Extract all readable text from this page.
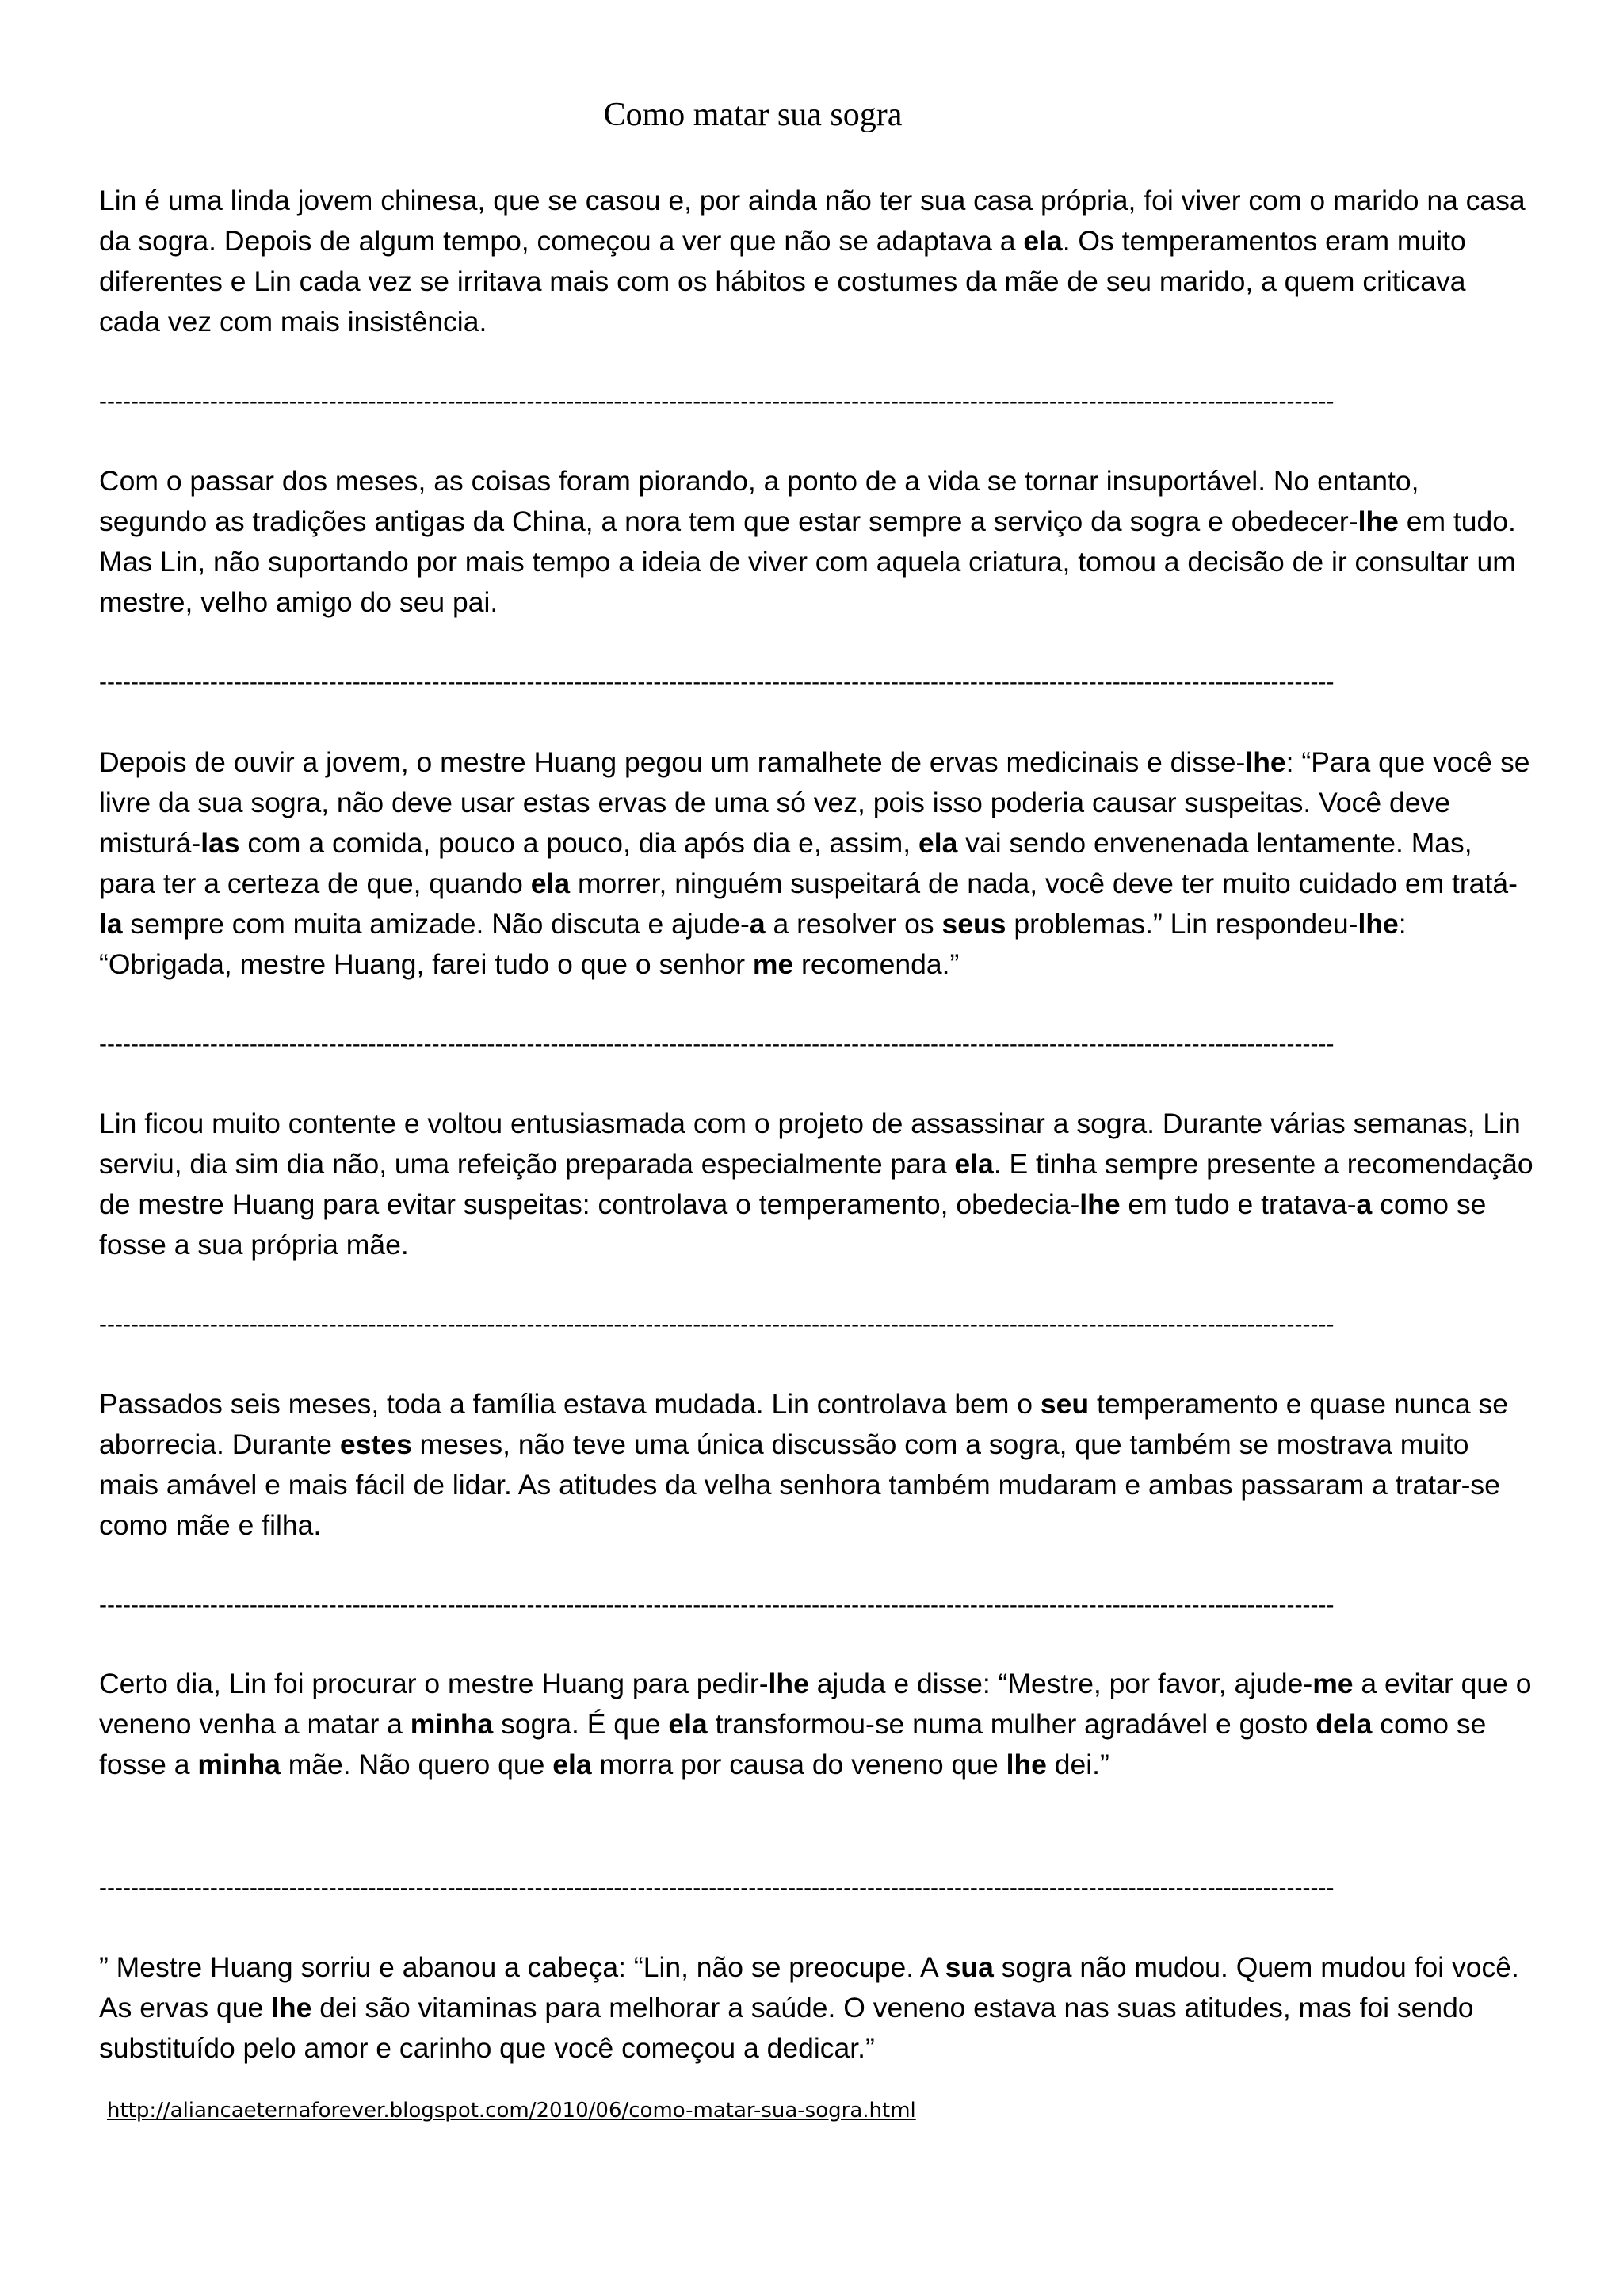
Como matar sua sogra

Lin é uma linda jovem chinesa, que se casou e, por ainda não ter sua casa própria, foi viver com o marido na casa da sogra. Depois de algum tempo, começou a ver que não se adaptava a ela. Os temperamentos eram muito diferentes e Lin cada vez se irritava mais com os hábitos e costumes da mãe de seu marido, a quem criticava cada vez com mais insistência.

------------------------------------------------------------------------------------------------------------------------------------------------------------

Com o passar dos meses, as coisas foram piorando, a ponto de a vida se tornar insuportável. No entanto, segundo as tradições antigas da China, a nora tem que estar sempre a serviço da sogra e obedecer-lhe em tudo. Mas Lin, não suportando por mais tempo a ideia de viver com aquela criatura, tomou a decisão de ir consultar um mestre, velho amigo do seu pai.

------------------------------------------------------------------------------------------------------------------------------------------------------------

Depois de ouvir a jovem, o mestre Huang pegou um ramalhete de ervas medicinais e disse-lhe: “Para que você se livre da sua sogra, não deve usar estas ervas de uma só vez, pois isso poderia causar suspeitas. Você deve misturá-las com a comida, pouco a pouco, dia após dia e, assim, ela vai sendo envenenada lentamente. Mas, para ter a certeza de que, quando ela morrer, ninguém suspeitará de nada, você deve ter muito cuidado em tratá-la sempre com muita amizade. Não discuta e ajude-a a resolver os seus problemas.” Lin respondeu-lhe: “Obrigada, mestre Huang, farei tudo o que o senhor me recomenda.”

------------------------------------------------------------------------------------------------------------------------------------------------------------

Lin ficou muito contente e voltou entusiasmada com o projeto de assassinar a sogra. Durante várias semanas, Lin serviu, dia sim dia não, uma refeição preparada especialmente para ela. E tinha sempre presente a recomendação de mestre Huang para evitar suspeitas: controlava o temperamento, obedecia-lhe em tudo e tratava-a como se fosse a sua própria mãe.

------------------------------------------------------------------------------------------------------------------------------------------------------------

Passados seis meses, toda a família estava mudada. Lin controlava bem o seu temperamento e quase nunca se aborrecia. Durante estes meses, não teve uma única discussão com a sogra, que também se mostrava muito mais amável e mais fácil de lidar. As atitudes da velha senhora também mudaram e ambas passaram a tratar-se como mãe e filha.

------------------------------------------------------------------------------------------------------------------------------------------------------------

Certo dia, Lin foi procurar o mestre Huang para pedir-lhe ajuda e disse: “Mestre, por favor, ajude-me a evitar que o veneno venha a matar a minha sogra. É que ela transformou-se numa mulher agradável e gosto dela como se fosse a minha mãe. Não quero que ela morra por causa do veneno que lhe dei.”

------------------------------------------------------------------------------------------------------------------------------------------------------------

” Mestre Huang sorriu e abanou a cabeça: “Lin, não se preocupe. A sua sogra não mudou. Quem mudou foi você. As ervas que lhe dei são vitaminas para melhorar a saúde. O veneno estava nas suas atitudes, mas foi sendo substituído pelo amor e carinho que você começou a dedicar.”

http://aliancaeternaforever.blogspot.com/2010/06/como-matar-sua-sogra.html
